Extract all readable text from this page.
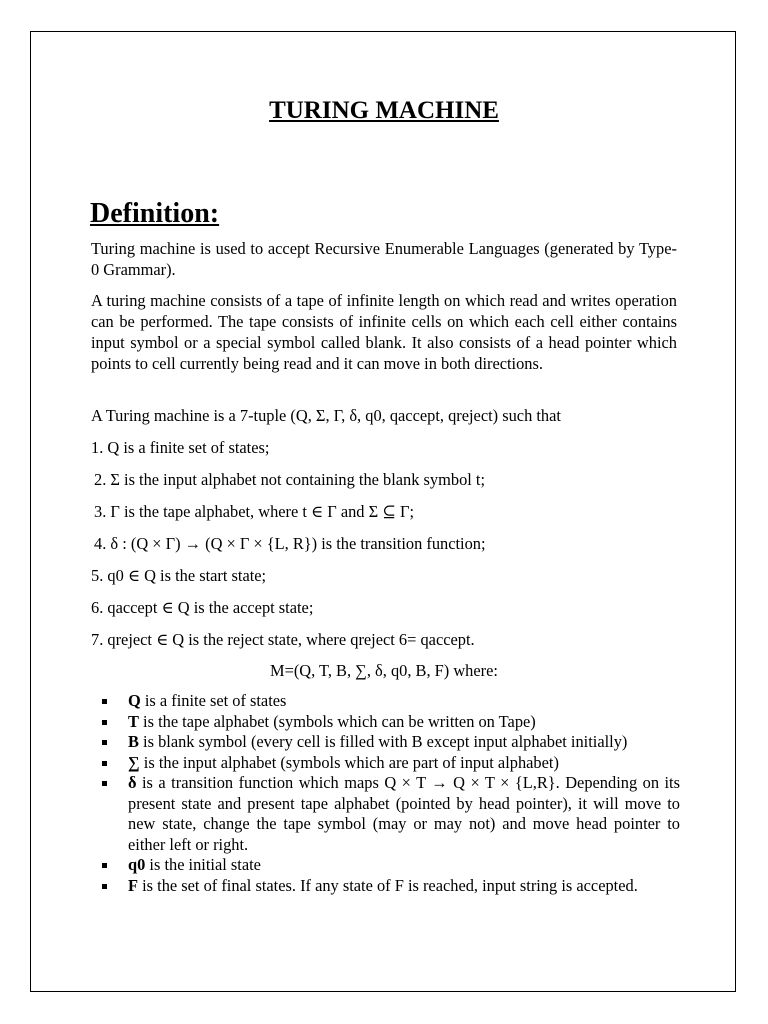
TURING MACHINE
Definition:

Turing machine is used to accept Recursive Enumerable Languages (generated by Type-0 Grammar).

A turing machine consists of a tape of infinite length on which read and writes operation can be performed. The tape consists of infinite cells on which each cell either contains input symbol or a special symbol called blank. It also consists of a head pointer which points to cell currently being read and it can move in both directions.

A Turing machine is a 7-tuple (Q, Σ, Γ, δ, q0, qaccept, qreject) such that

1. Q is a finite set of states;

2. Σ is the input alphabet not containing the blank symbol t;

3. Γ is the tape alphabet, where t ∈ Γ and Σ ⊆ Γ;

4. δ : (Q × Γ) → (Q × Γ × {L, R}) is the transition function;

5. q0 ∈ Q is the start state;

6. qaccept ∈ Q is the accept state;

7. qreject ∈ Q is the reject state, where qreject 6= qaccept.

M=(Q, T, B, ∑, δ, q0, B, F) where:
Q is a finite set of states
T is the tape alphabet (symbols which can be written on Tape)
B is blank symbol (every cell is filled with B except input alphabet initially)
∑ is the input alphabet (symbols which are part of input alphabet)
δ is a transition function which maps Q × T → Q × T × {L,R}. Depending on its present state and present tape alphabet (pointed by head pointer), it will move to new state, change the tape symbol (may or may not) and move head pointer to either left or right.
q0 is the initial state
F is the set of final states. If any state of F is reached, input string is accepted.
